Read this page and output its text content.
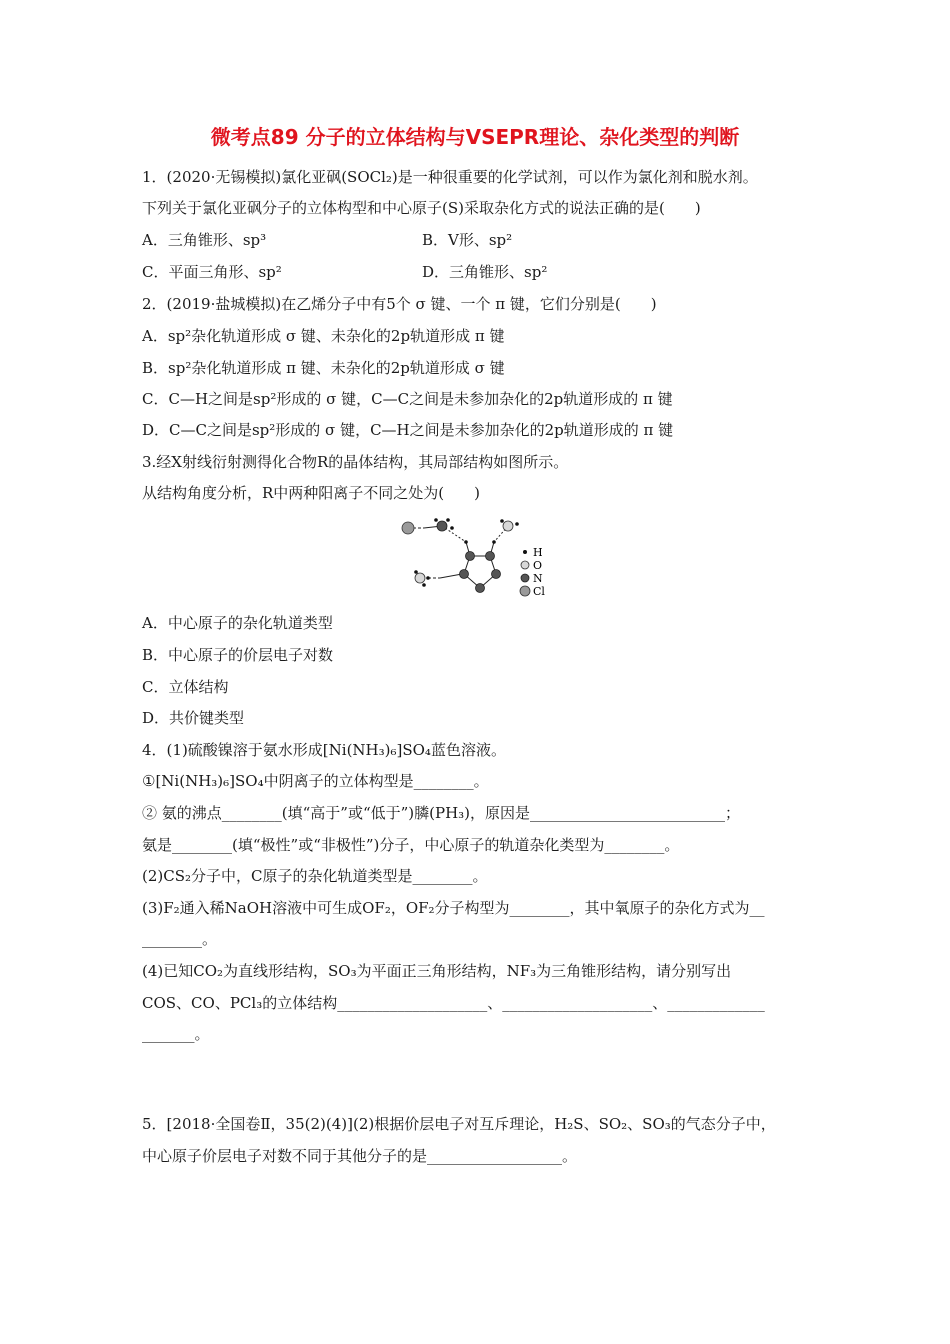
微考点89 分子的立体结构与VSEPR理论、杂化类型的判断
1．(2020·无锡模拟)氯化亚砜(SOCl₂)是一种很重要的化学试剂，可以作为氯化剂和脱水剂。
下列关于氯化亚砜分子的立体构型和中心原子(S)采取杂化方式的说法正确的是(　　)
A．三角锥形、sp³	B．V形、sp²
C．平面三角形、sp²	D．三角锥形、sp²
2．(2019·盐城模拟)在乙烯分子中有5个 σ 键、一个 π 键，它们分别是(　　)
A．sp²杂化轨道形成 σ 键、未杂化的2p轨道形成 π 键
B．sp²杂化轨道形成 π 键、未杂化的2p轨道形成 σ 键
C．C—H之间是sp²形成的 σ 键，C—C之间是未参加杂化的2p轨道形成的 π 键
D．C—C之间是sp²形成的 σ 键，C—H之间是未参加杂化的2p轨道形成的 π 键
3.经X射线衍射测得化合物R的晶体结构，其局部结构如图所示。
从结构角度分析，R中两种阳离子不同之处为(　　)
H
O
N
Cl
A．中心原子的杂化轨道类型
B．中心原子的价层电子对数
C．立体结构
D．共价键类型
4．(1)硫酸镍溶于氨水形成[Ni(NH₃)₆]SO₄蓝色溶液。
①[Ni(NH₃)₆]SO₄中阴离子的立体构型是________。
② 氨的沸点________(填“高于”或“低于”)膦(PH₃)，原因是__________________________；
氨是________(填“极性”或“非极性”)分子，中心原子的轨道杂化类型为________。
(2)CS₂分子中，C原子的杂化轨道类型是________。
(3)F₂通入稀NaOH溶液中可生成OF₂，OF₂分子构型为________，其中氧原子的杂化方式为__
________。
(4)已知CO₂为直线形结构，SO₃为平面正三角形结构，NF₃为三角锥形结构，请分别写出
COS、CO、PCl₃的立体结构____________________、____________________、_____________
_______。
5．[2018·全国卷Ⅱ，35(2)(4)](2)根据价层电子对互斥理论，H₂S、SO₂、SO₃的气态分子中，
中心原子价层电子对数不同于其他分子的是__________________。
